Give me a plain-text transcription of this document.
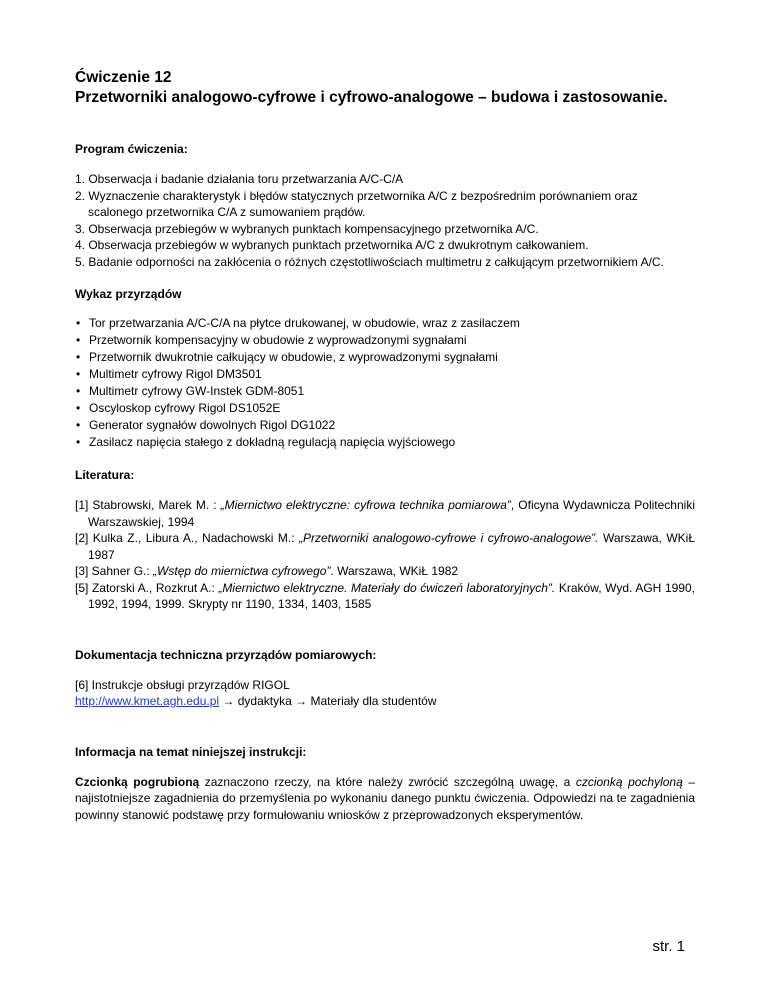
Ćwiczenie 12

Przetworniki analogowo-cyfrowe i cyfrowo-analogowe – budowa i zastosowanie.

Program ćwiczenia:

1. Obserwacja i badanie działania toru przetwarzania A/C-C/A

2. Wyznaczenie charakterystyk i błędów statycznych przetwornika A/C z bezpośrednim porównaniem oraz scalonego przetwornika C/A z sumowaniem prądów.

3. Obserwacja przebiegów w wybranych punktach kompensacyjnego przetwornika A/C.

4. Obserwacja przebiegów w wybranych punktach przetwornika A/C z dwukrotnym całkowaniem.

5. Badanie odporności na zakłócenia o różnych częstotliwościach multimetru z całkującym przetwornikiem A/C.

Wykaz przyrządów

• Tor przetwarzania A/C-C/A na płytce drukowanej, w obudowie, wraz z zasilaczem
• Przetwornik kompensacyjny w obudowie z wyprowadzonymi sygnałami
• Przetwornik dwukrotnie całkujący w obudowie, z wyprowadzonymi sygnałami
• Multimetr cyfrowy Rigol DM3501
• Multimetr cyfrowy GW-Instek GDM-8051
• Oscyloskop cyfrowy Rigol DS1052E
• Generator sygnałów dowolnych Rigol DG1022
• Zasilacz napięcia stałego z dokładną regulacją napięcia wyjściowego

Literatura:

[1] Stabrowski, Marek M. : „Miernictwo elektryczne: cyfrowa technika pomiarowa”, Oficyna Wydawnicza Politechniki Warszawskiej, 1994

[2] Kulka Z., Libura A., Nadachowski M.: „Przetworniki analogowo-cyfrowe i cyfrowo-analogowe”. Warszawa, WKiŁ 1987

[3] Sahner G.: „Wstęp do miernictwa cyfrowego”. Warszawa, WKiŁ 1982

[5] Zatorski A., Rozkrut A.: „Miernictwo elektryczne. Materiały do ćwiczeń laboratoryjnych”. Kraków, Wyd. AGH 1990, 1992, 1994, 1999. Skrypty nr 1190, 1334, 1403, 1585

Dokumentacja techniczna przyrządów pomiarowych:

[6] Instrukcje obsługi przyrządów RIGOL

http://www.kmet.agh.edu.pl → dydaktyka → Materiały dla studentów

Informacja na temat niniejszej instrukcji:

Czcionką pogrubioną zaznaczono rzeczy, na które należy zwrócić szczególną uwagę, a czcionką pochyloną – najistotniejsze zagadnienia do przemyślenia po wykonaniu danego punktu ćwiczenia. Odpowiedzi na te zagadnienia powinny stanowić podstawę przy formułowaniu wniosków z przeprowadzonych eksperymentów.

str. 1
